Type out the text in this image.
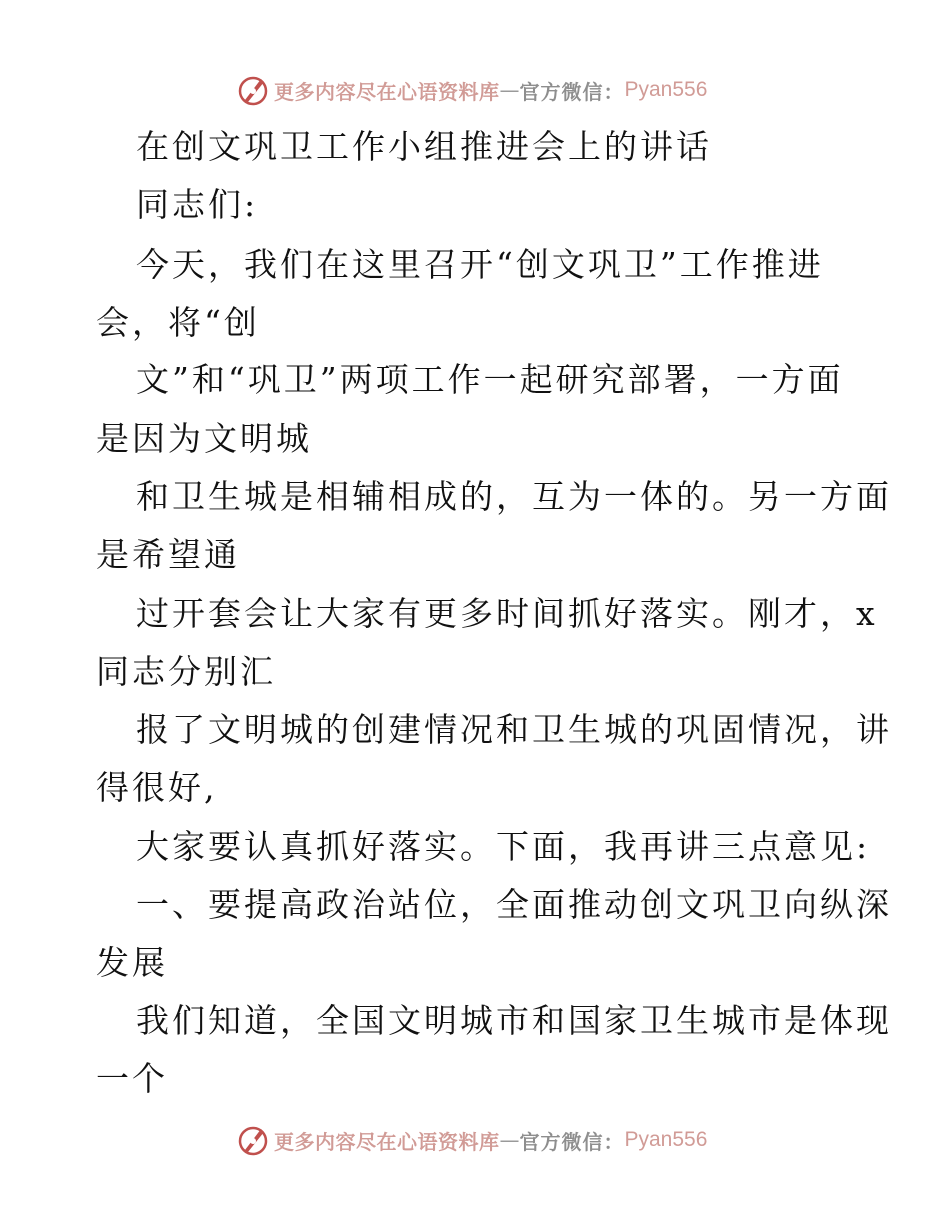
更多内容尽在心语资料库 — 官方微信： Pyan556
在创文巩卫工作小组推进会上的讲话
同志们:
今天，我们在这里召开“创文巩卫”工作推进
会，将“创
文”和“巩卫”两项工作一起研究部署，一方面
是因为文明城
和卫生城是相辅相成的，互为一体的。另一方面
是希望通
过开套会让大家有更多时间抓好落实。刚才，x
同志分别汇
报了文明城的创建情况和卫生城的巩固情况，讲
得很好,
大家要认真抓好落实。下面，我再讲三点意见:
一、要提高政治站位，全面推动创文巩卫向纵深
发展
我们知道，全国文明城市和国家卫生城市是体现
一个
更多内容尽在心语资料库 — 官方微信： Pyan556
